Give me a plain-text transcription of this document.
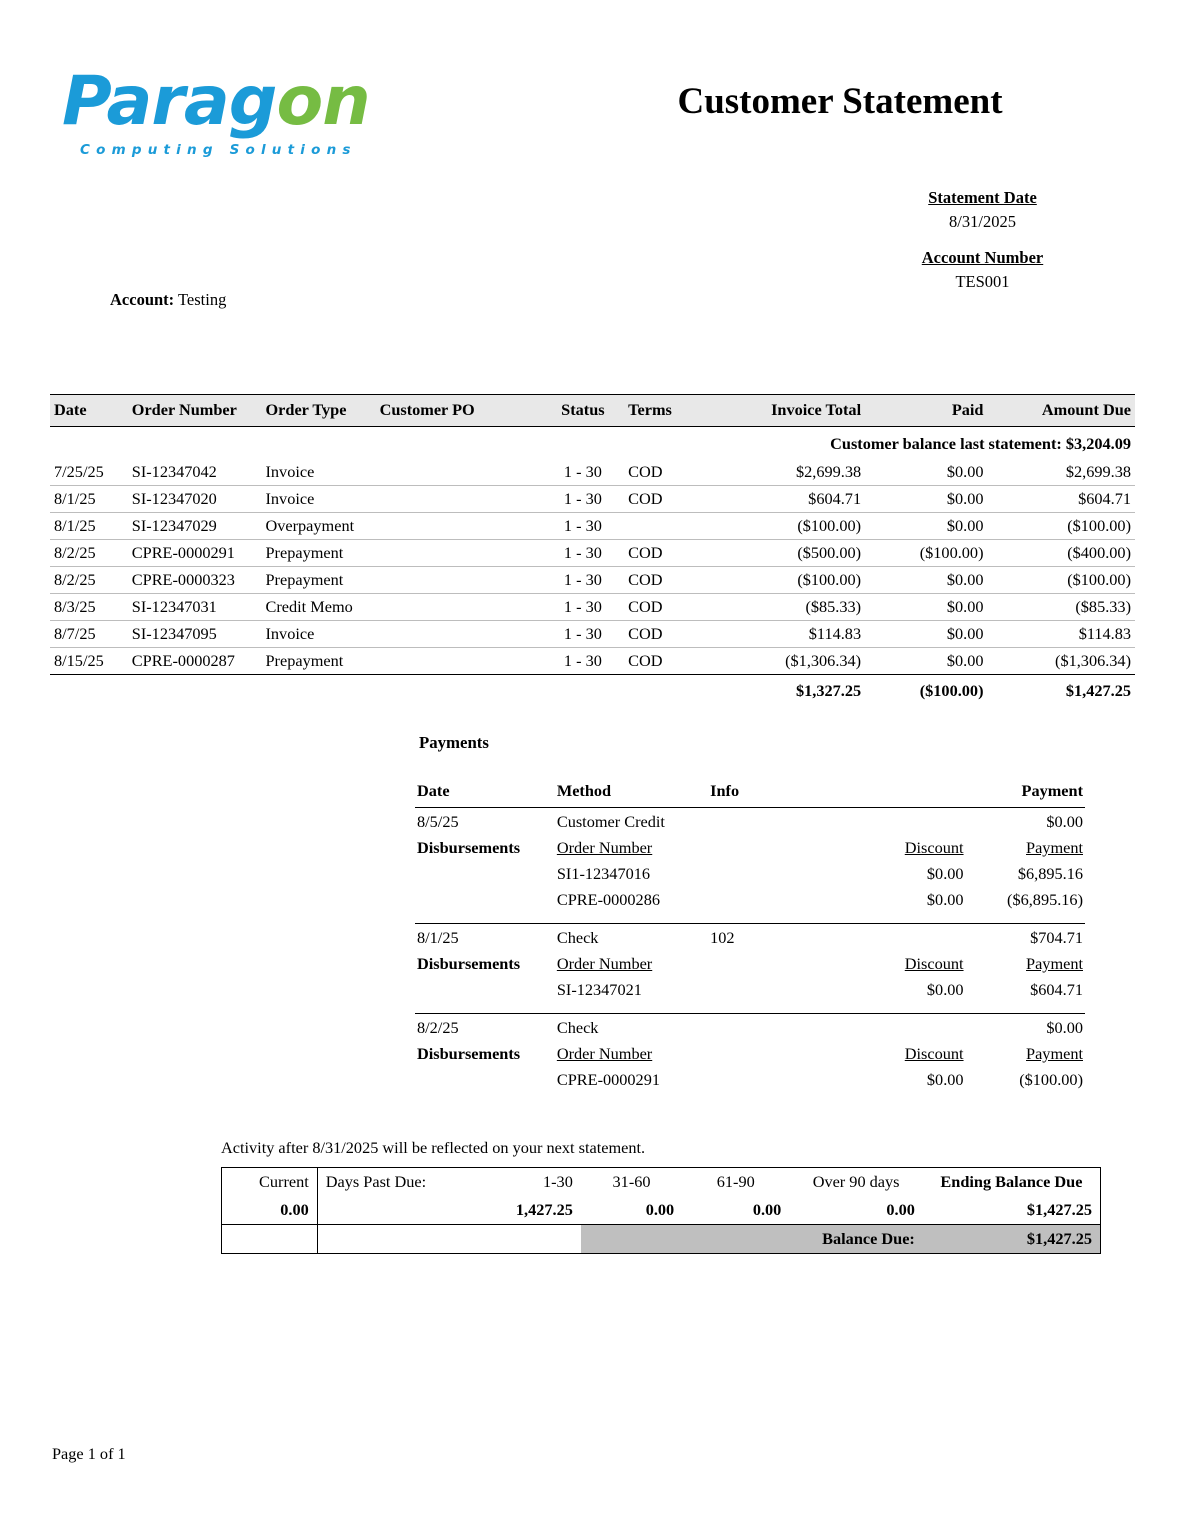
Paragon
Computing Solutions
Customer Statement
Statement Date
8/31/2025
Account Number
TES001
Account: Testing
Date	Order Number	Order Type	Customer PO	Status	Terms	Invoice Total	Paid	Amount Due
Customer balance last statement: $3,204.09								
7/25/25	SI-12347042	Invoice		1 - 30	COD	$2,699.38	$0.00	$2,699.38
8/1/25	SI-12347020	Invoice		1 - 30	COD	$604.71	$0.00	$604.71
8/1/25	SI-12347029	Overpayment		1 - 30		($100.00)	$0.00	($100.00)
8/2/25	CPRE-0000291	Prepayment		1 - 30	COD	($500.00)	($100.00)	($400.00)
8/2/25	CPRE-0000323	Prepayment		1 - 30	COD	($100.00)	$0.00	($100.00)
8/3/25	SI-12347031	Credit Memo		1 - 30	COD	($85.33)	$0.00	($85.33)
8/7/25	SI-12347095	Invoice		1 - 30	COD	$114.83	$0.00	$114.83
8/15/25	CPRE-0000287	Prepayment		1 - 30	COD	($1,306.34)	$0.00	($1,306.34)
						$1,327.25	($100.00)	$1,427.25
Payments
Date	Method	Info		Payment

8/5/25	Customer Credit			$0.00
Disbursements	Order Number		Discount	Payment
	SI1-12347016		$0.00	$6,895.16
	CPRE-0000286		$0.00	($6,895.16)

8/1/25	Check	102		$704.71
Disbursements	Order Number		Discount	Payment
	SI-12347021		$0.00	$604.71

8/2/25	Check			$0.00
Disbursements	Order Number		Discount	Payment
	CPRE-0000291		$0.00	($100.00)
Activity after 8/31/2025 will be reflected on your next statement.
Current	Days Past Due:	1-30	31-60	61-90	Over 90 days	Ending Balance Due
0.00		1,427.25	0.00	0.00	0.00	$1,427.25
				Balance Due:		$1,427.25
Page 1 of 1
